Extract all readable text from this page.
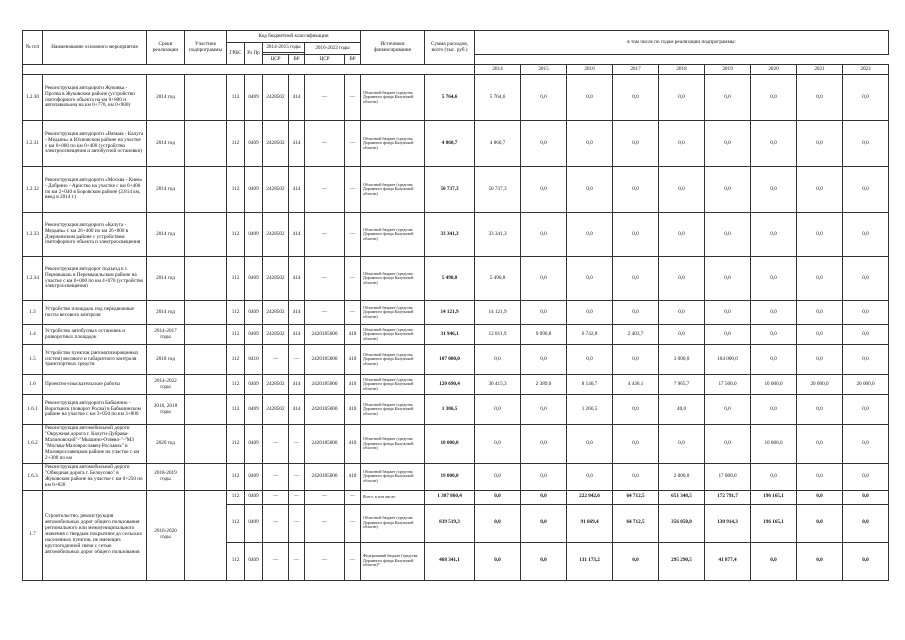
№ п/п	Наименование основного мероприятия	Сроки реализации	Участник подпрограммы	Код бюджетной классификации						Источники финансирования	Сумма расходов, всего (тыс. руб.)	в том числе по годам реализации подпрограммы:								
				ГРБС	Рз Пр	2014-2015 годы		2016-2022 годы												

						ЦСР	ВР	ЦСР	ВР											
												2014	2015	2016	2017	2018	2019	2020	2021	2022
1.2.30	Реконструкция автодороги Жуковка - Протва в Жуковском районе (устройство светофорного объекта на км 0+800 и автопавильона на км 0+770, км 0+900)	2014 год		112	0409	2428502	414	—	—	Областной бюджет (средства Дорожного фонда Калужской области)	5 764,6	5 764,6	0,0	0,0	0,0	0,0	0,0	0,0	0,0	0,0
1.2.31	Реконструкция автодороги «Вязьма - Калуга - Медынь» в Юхновском районе на участке с км 0+000 по км 0+400 (устройство электроосвещения и автобусной остановки)	2014 год		112	0409	2428502	414	—	—	Областной бюджет (средства Дорожного фонда Калужской области)	4 860,7	4 860,7	0,0	0,0	0,0	0,0	0,0	0,0	0,0	0,0
1.2.32	Реконструкция автодороги «Москва - Киев» - Добрино - Ариство на участке с км 0+400 по км 2+040 в Боровском районе (2,814 км, ввод в 2014 г.)	2014 год		112	0409	2428502	414	—	—	Областной бюджет (средства Дорожного фонда Калужской области)	50 737,3	50 737,3	0,0	0,0	0,0	0,0	0,0	0,0	0,0	0,0
1.2.33	Реконструкция автодороги «Калуга - Медынь» с км 26+400 по км 26+800 в Дзержинском районе с устройством светофорного объекта и электроосвещения	2014 год		112	0409	2428502	414	—	—	Областной бюджет (средства Дорожного фонда Калужской области)	33 341,3	33 341,3	0,0	0,0	0,0	0,0	0,0	0,0	0,0	0,0
1.2.34	Реконструкция автодорог подъезд к с. Перемышль в Перемышльском районе на участке с км 0+000 по км 4+070 (устройство электроосвещения)	2014 год		112	0409	2428502	414	—	—	Областной бюджет (средства Дорожного фонда Калужской области)	5 490,8	5 490,8	0,0	0,0	0,0	0,0	0,0	0,0	0,0	0,0
1.3	Устройство площадок под передвижные посты весового контроля	2014 год		112	0409	2428502	414	—	—	Областной бюджет (средства Дорожного фонда Калужской области)	14 121,9	14 121,9	0,0	0,0	0,0	0,0	0,0	0,0	0,0	0,0
1.4	Устройство автобусных остановок и разворотных площадок	2014-2017 годы		112	0409	2428502	414	2420185000	410	Областной бюджет (средства Дорожного фонда Калужской области)	31 946,1	12 811,9	9 090,8	6 742,8	2 403,7	0,0	0,0	0,0	0,0	0,0
1.5	Устройство пунктов (автоматизированных систем) весового и габаритного контроля транспортных средств	2018 год		112	0410	—	—	2420185000	410	Областной бюджет (средства Дорожного фонда Калужской области)	107 000,0	0,0	0,0	0,0	0,0	3 000,0	104 000,0	0,0	0,0	0,0
1.6	Проектно-изыскательские работы	2014-2022 годы		112	0409	2428502	414	2420185000	410	Областной бюджет (средства Дорожного фонда Калужской области)	120 690,4	30 415,3	2 389,0	8 140,7	4 436,1	7 965,7	17 500,0	10 000,0	20 000,0	20 000,0
1.6.1	Реконструкция автодороги Бабынино - Воротынск (поворот Росва) в Бабынинском районе на участке с км 3+050 по км 3+800	2016, 2018 годы		112	0409	2428502	414	2420185000	410	Областной бюджет (средства Дорожного фонда Калужской области)	1 306,5	0,0	0,0	1 266,5	0,0	40,0	0,0	0,0	0,0	0,0
1.6.2	Реконструкция автомобильной дороги "Окружная дорога г. Калуги-Дубрава-Малиновский"-"Мышино-Отяево-"-"М3 "Москва-Малоярославец-Рославль" в Малоярославецком районе на участке с км 2+300 по км	2020 год		112	0409	—	—	2420185000	410	Областной бюджет (средства Дорожного фонда Калужской области)	10 000,0	0,0	0,0	0,0	0,0	0,0	0,0	10 000,0	0,0	0,0
1.6.3	Реконструкция автомобильной дороги "Обводная дорога г. Белоусово" в Жуковском районе на участке с км 0+250 по км 0+820	2018-2019 годы		112	0409	—	—	2420185000	410	Областной бюджет (средства Дорожного фонда Калужской области)	19 000,0	0,0	0,0	0,0	0,0	2 000,0	17 000,0	0,0	0,0	0,0
1.7	Строительство, реконструкция автомобильных дорог общего пользования регионального или межмуниципального значения с твердым покрытием до сельских населенных пунктов, не имеющих круглогодичной связи с сетью автомобильных дорог общего пользования	2016-2020 годы		112	0409	—	—	—	—	Всего, в том числе:	1 307 860,4	0,0	0,0	222 842,6	64 712,5	651 348,5	172 791,7	196 165,1	0,0	0,0
				112	0409	—	—	—	—	Областной бюджет (средства Дорожного фонда Калужской области)	839 519,3	0,0	0,0	91 669,4	64 712,5	356 058,0	130 914,3	196 165,1	0,0	0,0
				112	0409	—	—	—	—	Федеральный бюджет (средства Дорожного фонда Калужской области)*	468 341,1	0,0	0,0	131 173,2	0,0	295 290,5	41 877,4	0,0	0,0	0,0
